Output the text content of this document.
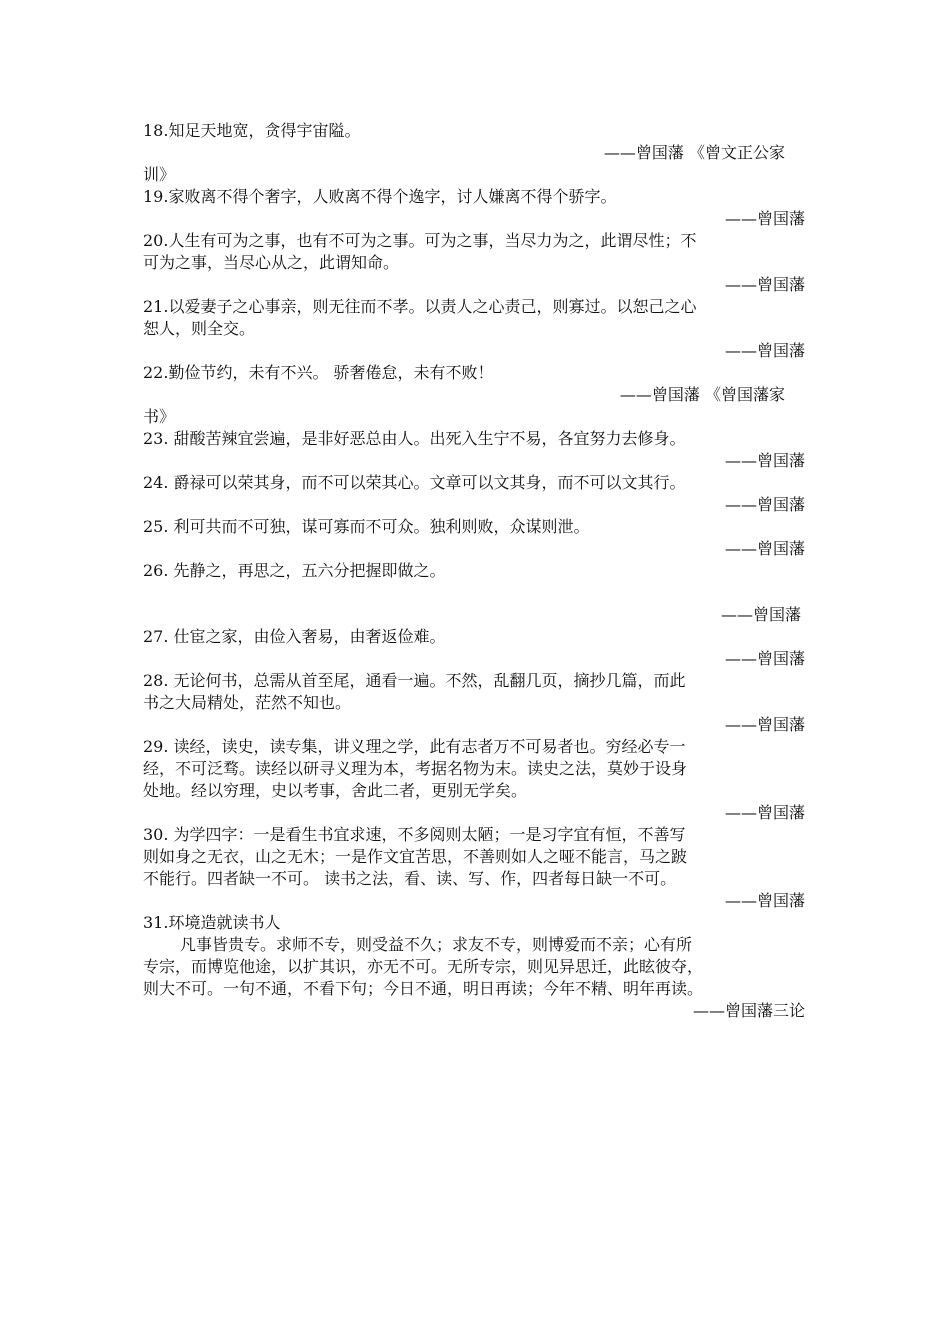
18.知足天地宽，贪得宇宙隘。
——曾国藩 《曾文正公家
训》
19.家败离不得个奢字，人败离不得个逸字，讨人嫌离不得个骄字。
——曾国藩
20.人生有可为之事，也有不可为之事。可为之事，当尽力为之，此谓尽性；不
可为之事，当尽心从之，此谓知命。
——曾国藩
21.以爱妻子之心事亲，则无往而不孝。以责人之心责己，则寡过。以恕己之心
恕人，则全交。
——曾国藩
22.勤俭节约，未有不兴。 骄奢倦怠，未有不败！
——曾国藩 《曾国藩家
书》
23. 甜酸苦辣宜尝遍，是非好恶总由人。出死入生宁不易，各宜努力去修身。
——曾国藩
24. 爵禄可以荣其身，而不可以荣其心。文章可以文其身，而不可以文其行。
——曾国藩
25. 利可共而不可独，谋可寡而不可众。独利则败，众谋则泄。
——曾国藩
26. 先静之，再思之，五六分把握即做之。
——曾国藩
27. 仕宦之家，由俭入奢易，由奢返俭难。
——曾国藩
28. 无论何书，总需从首至尾，通看一遍。不然，乱翻几页，摘抄几篇，而此
书之大局精处，茫然不知也。
——曾国藩
29. 读经，读史，读专集，讲义理之学，此有志者万不可易者也。穷经必专一
经，不可泛骛。读经以研寻义理为本，考据名物为末。读史之法，莫妙于设身
处地。经以穷理，史以考事，舍此二者，更别无学矣。
——曾国藩
30. 为学四字：一是看生书宜求速，不多阅则太陋；一是习字宜有恒，不善写
则如身之无衣，山之无木；一是作文宜苦思，不善则如人之哑不能言，马之跛
不能行。四者缺一不可。 读书之法，看、读、写、作，四者每日缺一不可。
——曾国藩
31.环境造就读书人
凡事皆贵专。求师不专，则受益不久；求友不专，则博爱而不亲；心有所
专宗，而博览他途，以扩其识，亦无不可。无所专宗，则见异思迁，此眩彼夺，
则大不可。一句不通，不看下句；今日不通，明日再读；今年不精、明年再读。
——曾国藩三论
